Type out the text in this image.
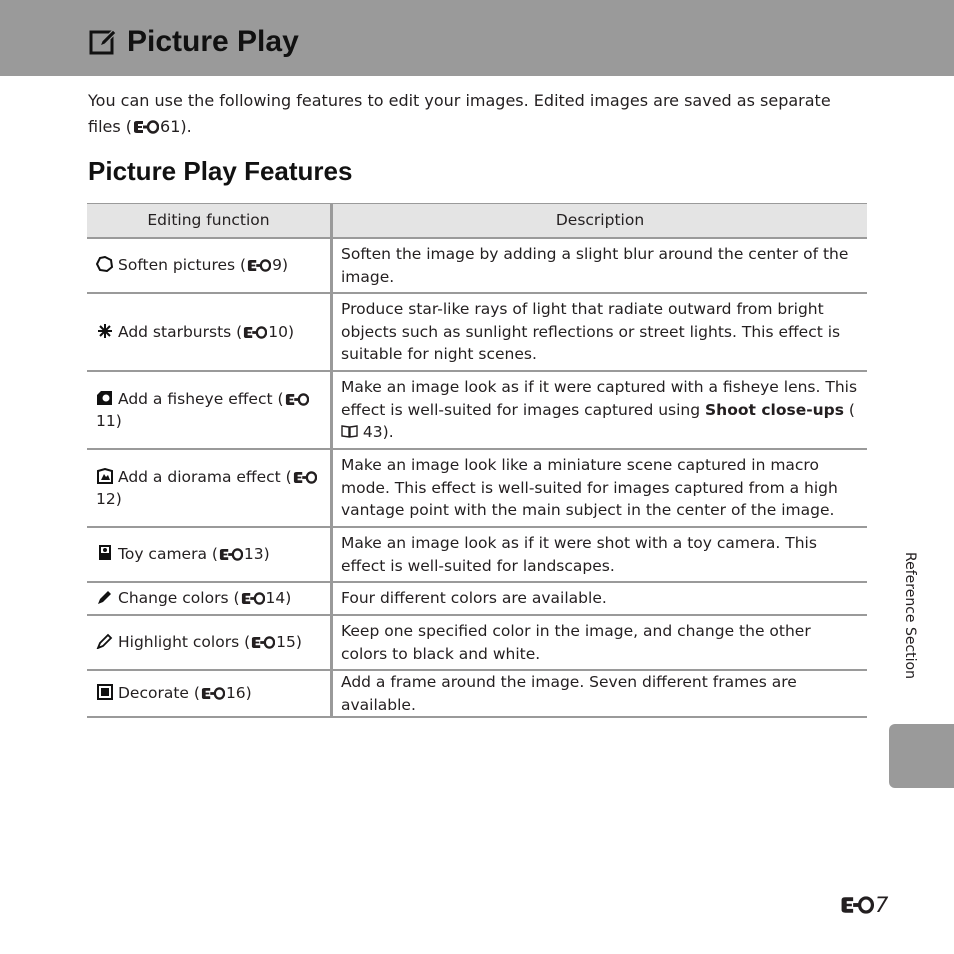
Picture Play
You can use the following features to edit your images. Edited images are saved as separate files ( 61).
Picture Play Features
Editing function	Description
Soften pictures ( 9)	Soften the image by adding a slight blur around the center of the image.
Add starbursts ( 10)	Produce star-like rays of light that radiate outward from bright objects such as sunlight reflections or street lights. This effect is suitable for night scenes.
Add a fisheye effect (11)	Make an image look as if it were captured with a fisheye lens. This effect is well-suited for images captured using Shoot close-ups ( 43).
Add a diorama effect (12)	Make an image look like a miniature scene captured in macro mode. This effect is well-suited for images captured from a high vantage point with the main subject in the center of the image.
Toy camera ( 13)	Make an image look as if it were shot with a toy camera. This effect is well-suited for landscapes.
Change colors ( 14)	Four different colors are available.
Highlight colors ( 15)	Keep one specified color in the image, and change the other colors to black and white.
Decorate ( 16)	Add a frame around the image. Seven different frames are available.
Reference Section
7
